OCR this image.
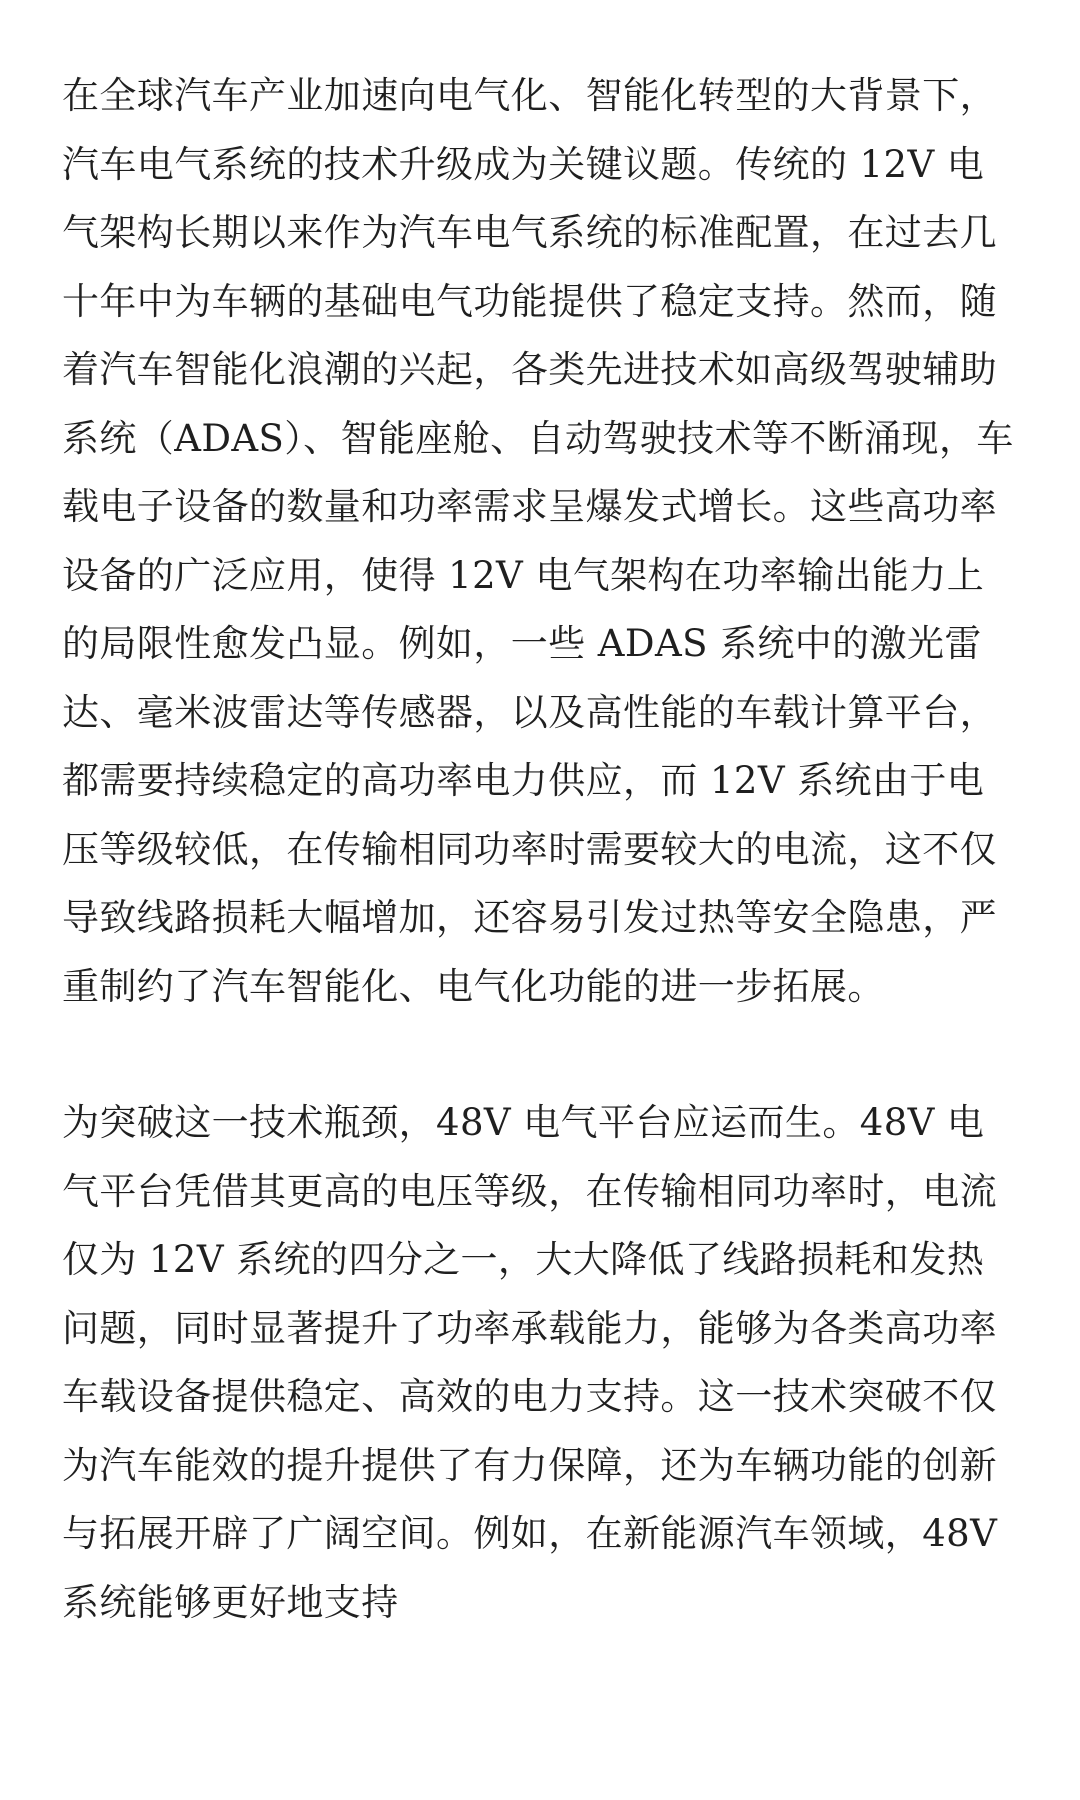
在全球汽车产业加速向电气化、智能化转型的大背景下，汽车电气系统的技术升级成为关键议题。传统的 12V 电气架构长期以来作为汽车电气系统的标准配置，在过去几十年中为车辆的基础电气功能提供了稳定支持。然而，随着汽车智能化浪潮的兴起，各类先进技术如高级驾驶辅助系统（ADAS）、智能座舱、自动驾驶技术等不断涌现，车载电子设备的数量和功率需求呈爆发式增长。这些高功率设备的广泛应用，使得 12V 电气架构在功率输出能力上的局限性愈发凸显。例如，一些 ADAS 系统中的激光雷达、毫米波雷达等传感器，以及高性能的车载计算平台，都需要持续稳定的高功率电力供应，而 12V 系统由于电压等级较低，在传输相同功率时需要较大的电流，这不仅导致线路损耗大幅增加，还容易引发过热等安全隐患，严重制约了汽车智能化、电气化功能的进一步拓展。

为突破这一技术瓶颈，48V 电气平台应运而生。48V 电气平台凭借其更高的电压等级，在传输相同功率时，电流仅为 12V 系统的四分之一，大大降低了线路损耗和发热问题，同时显著提升了功率承载能力，能够为各类高功率车载设备提供稳定、高效的电力支持。这一技术突破不仅为汽车能效的提升提供了有力保障，还为车辆功能的创新与拓展开辟了广阔空间。例如，在新能源汽车领域，48V 系统能够更好地支持
